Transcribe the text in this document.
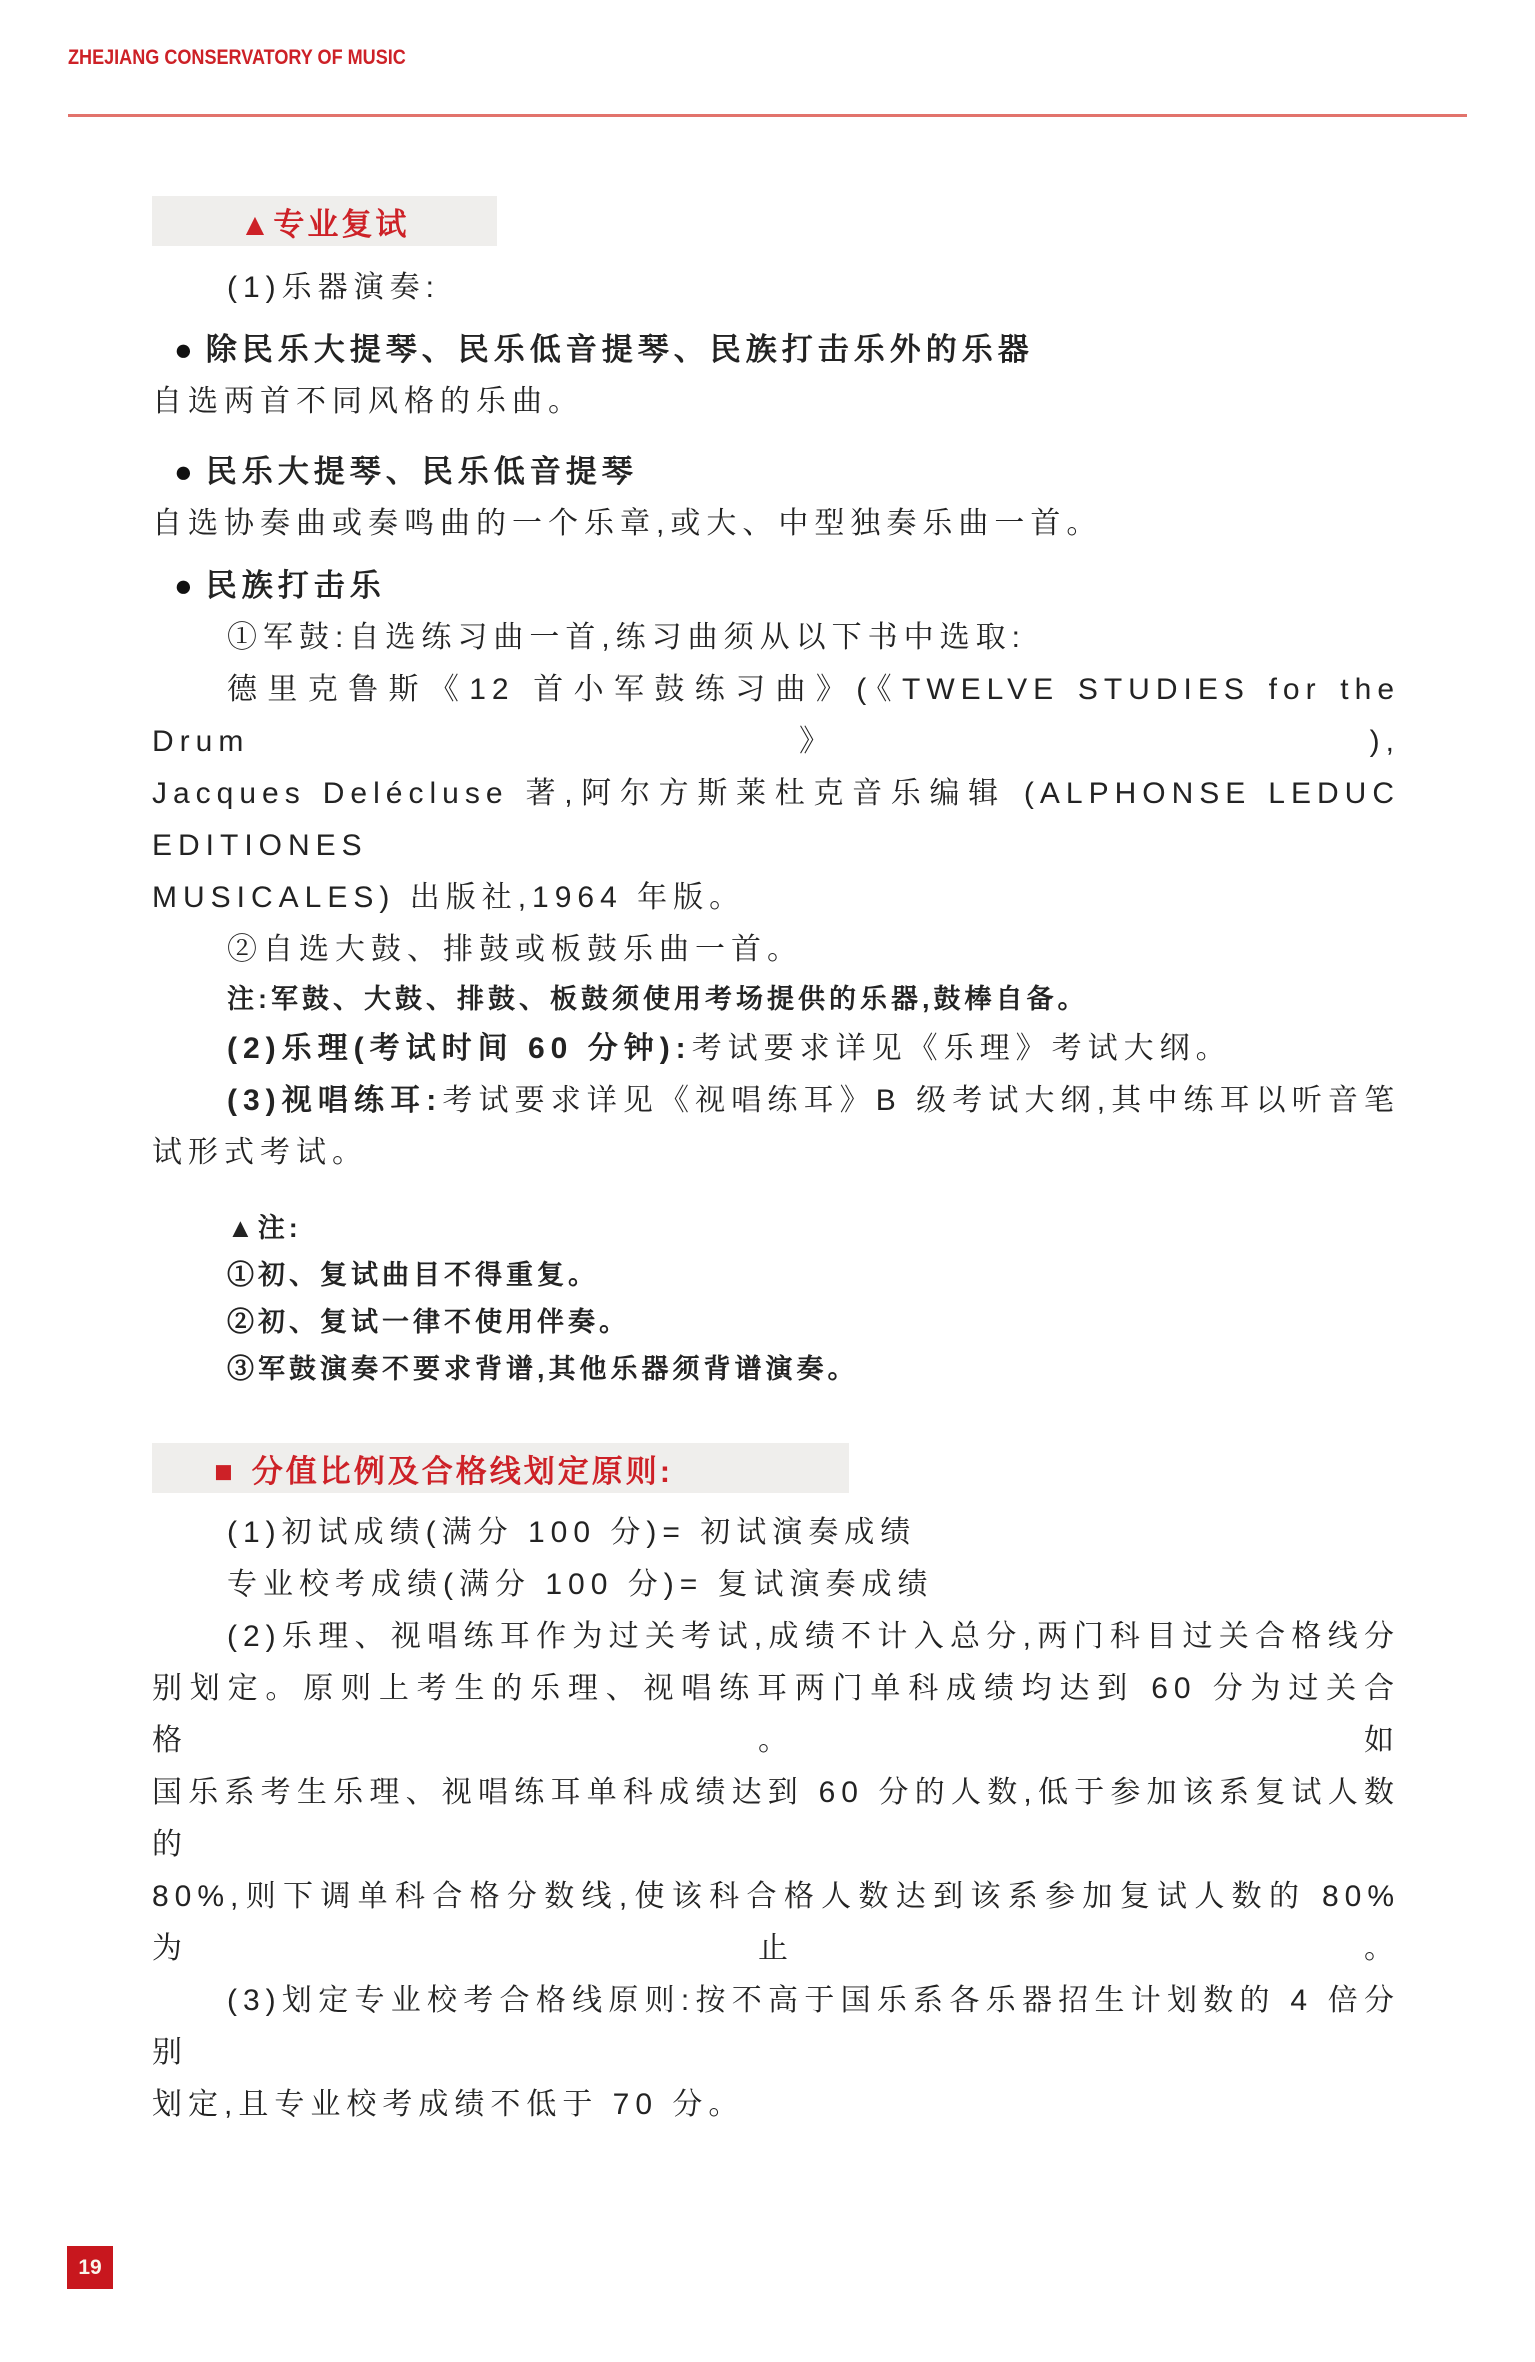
ZHEJIANG CONSERVATORY OF MUSIC
▲专业复试
(1)乐器演奏:
● 除民乐大提琴、民乐低音提琴、民族打击乐外的乐器
自选两首不同风格的乐曲。
● 民乐大提琴、民乐低音提琴
自选协奏曲或奏鸣曲的一个乐章,或大、中型独奏乐曲一首。
● 民族打击乐
①军鼓:自选练习曲一首,练习曲须从以下书中选取:
德里克鲁斯《12 首小军鼓练习曲》(《TWELVE STUDIES for the Drum》),
Jacques Delécluse 著,阿尔方斯莱杜克音乐编辑 (ALPHONSE LEDUC EDITIONES
MUSICALES) 出版社,1964 年版。
②自选大鼓、排鼓或板鼓乐曲一首。
注:军鼓、大鼓、排鼓、板鼓须使用考场提供的乐器,鼓棒自备。
(2)乐理(考试时间 60 分钟):考试要求详见《乐理》考试大纲。
(3)视唱练耳:考试要求详见《视唱练耳》B 级考试大纲,其中练耳以听音笔
试形式考试。
▲注:
①初、复试曲目不得重复。
②初、复试一律不使用伴奏。
③军鼓演奏不要求背谱,其他乐器须背谱演奏。
■ 分值比例及合格线划定原则:
(1)初试成绩(满分 100 分)= 初试演奏成绩
专业校考成绩(满分 100 分)= 复试演奏成绩
(2)乐理、视唱练耳作为过关考试,成绩不计入总分,两门科目过关合格线分
别划定。原则上考生的乐理、视唱练耳两门单科成绩均达到 60 分为过关合格。如
国乐系考生乐理、视唱练耳单科成绩达到 60 分的人数,低于参加该系复试人数的
80%,则下调单科合格分数线,使该科合格人数达到该系参加复试人数的 80% 为止。
(3)划定专业校考合格线原则:按不高于国乐系各乐器招生计划数的 4 倍分别
划定,且专业校考成绩不低于 70 分。
19
